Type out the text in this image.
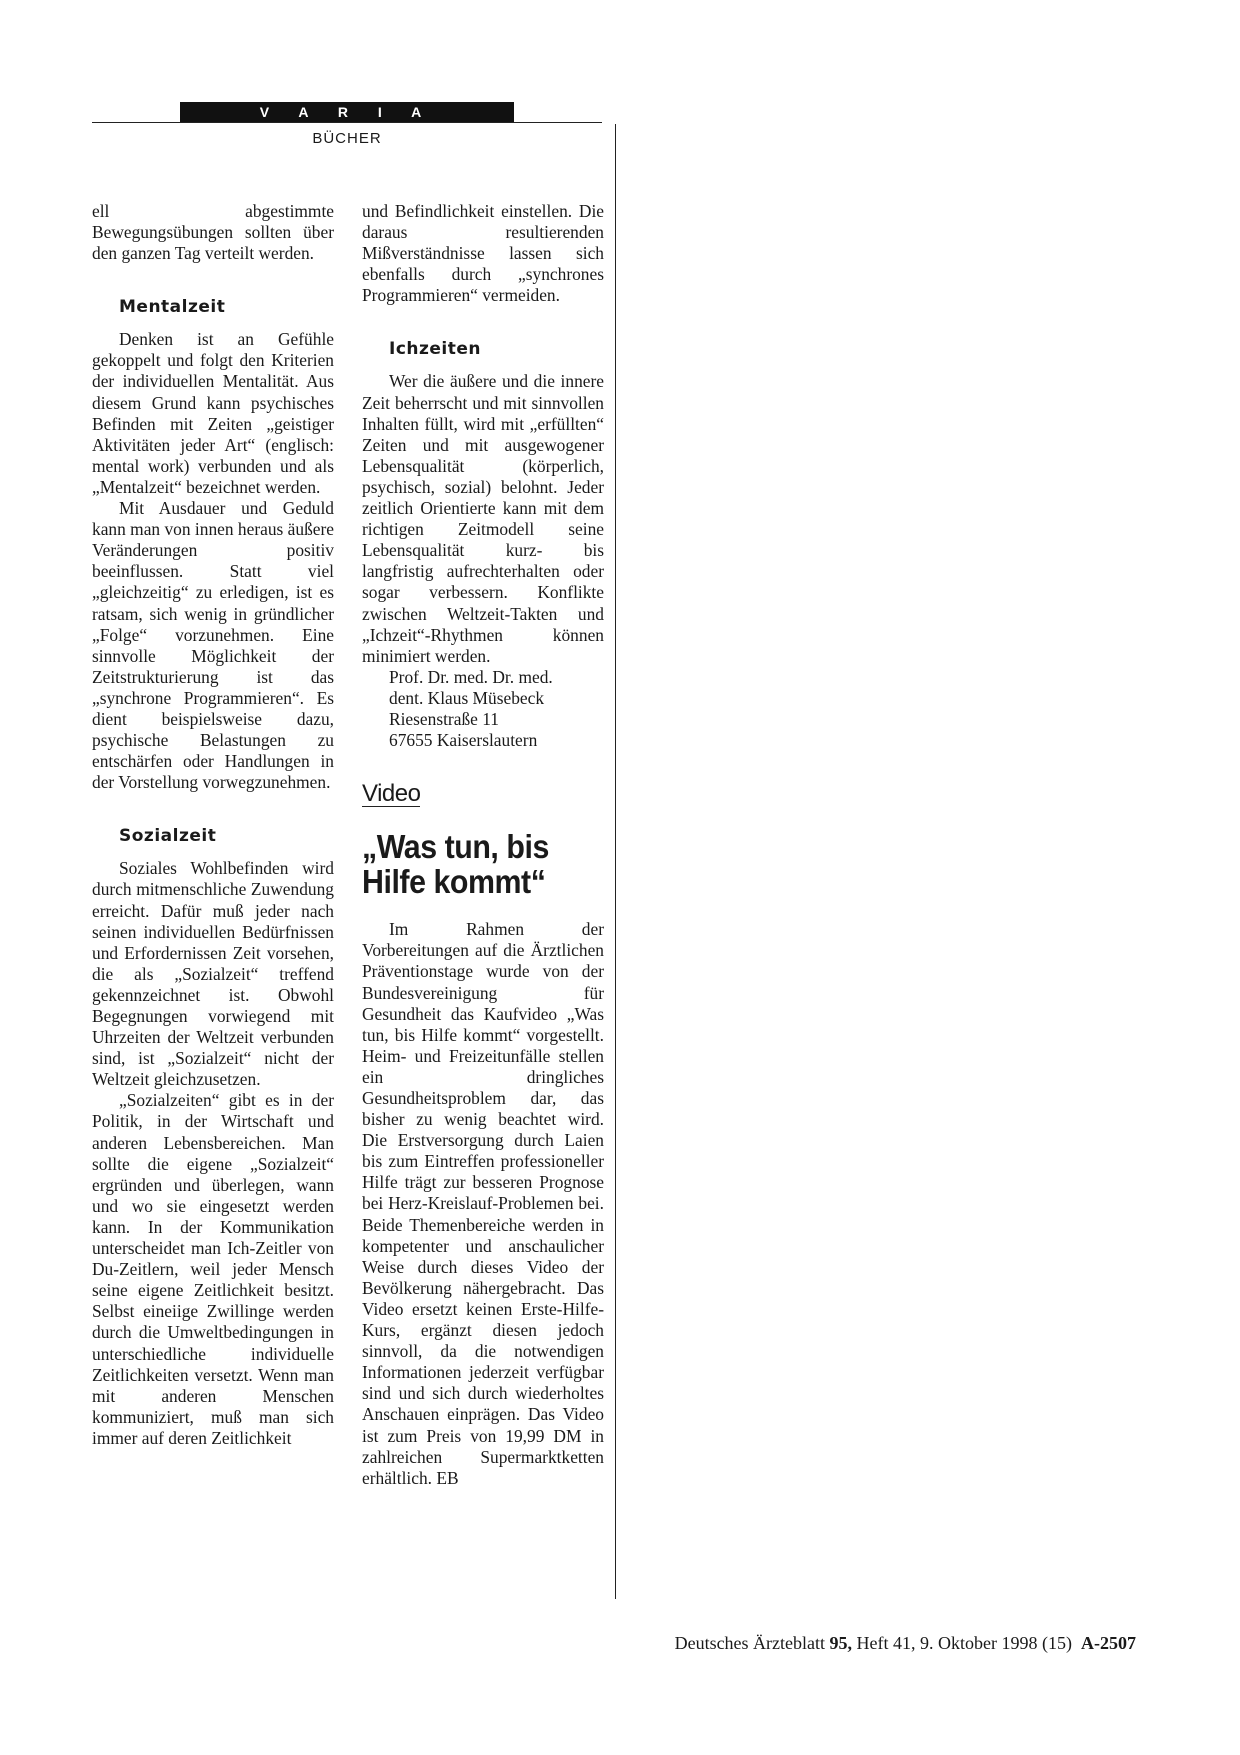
V A R I A
BÜCHER

ell abgestimmte Bewegungsübungen sollten über den ganzen Tag verteilt werden.

Mentalzeit

Denken ist an Gefühle gekoppelt und folgt den Kriterien der individuellen Mentalität. Aus diesem Grund kann psychisches Befinden mit Zeiten „geistiger Aktivitäten jeder Art“ (englisch: mental work) verbunden und als „Mentalzeit“ bezeichnet werden.

Mit Ausdauer und Geduld kann man von innen heraus äußere Veränderungen positiv beeinflussen. Statt viel „gleichzeitig“ zu erledigen, ist es ratsam, sich wenig in gründlicher „Folge“ vorzunehmen. Eine sinnvolle Möglichkeit der Zeitstrukturierung ist das „synchrone Programmieren“. Es dient beispielsweise dazu, psychische Belastungen zu entschärfen oder Handlungen in der Vorstellung vorwegzunehmen.

Sozialzeit

Soziales Wohlbefinden wird durch mitmenschliche Zuwendung erreicht. Dafür muß jeder nach seinen individuellen Bedürfnissen und Erfordernissen Zeit vorsehen, die als „Sozialzeit“ treffend gekennzeichnet ist. Obwohl Begegnungen vorwiegend mit Uhrzeiten der Weltzeit verbunden sind, ist „Sozialzeit“ nicht der Weltzeit gleichzusetzen.

„Sozialzeiten“ gibt es in der Politik, in der Wirtschaft und anderen Lebensbereichen. Man sollte die eigene „Sozialzeit“ ergründen und überlegen, wann und wo sie eingesetzt werden kann. In der Kommunikation unterscheidet man Ich-Zeitler von Du-Zeitlern, weil jeder Mensch seine eigene Zeitlichkeit besitzt. Selbst eineiige Zwillinge werden durch die Umweltbedingungen in unterschiedliche individuelle Zeitlichkeiten versetzt. Wenn man mit anderen Menschen kommuniziert, muß man sich immer auf deren Zeitlichkeit

und Befindlichkeit einstellen. Die daraus resultierenden Mißverständnisse lassen sich ebenfalls durch „synchrones Programmieren“ vermeiden.

Ichzeiten

Wer die äußere und die innere Zeit beherrscht und mit sinnvollen Inhalten füllt, wird mit „erfüllten“ Zeiten und mit ausgewogener Lebensqualität (körperlich, psychisch, sozial) belohnt. Jeder zeitlich Orientierte kann mit dem richtigen Zeitmodell seine Lebensqualität kurz- bis langfristig aufrechterhalten oder sogar verbessern. Konflikte zwischen Weltzeit-Takten und „Ichzeit“-Rhythmen können minimiert werden.

Prof. Dr. med. Dr. med.

dent. Klaus Müsebeck

Riesenstraße 11

67655 Kaiserslautern

Video
„Was tun, bis Hilfe kommt“

Im Rahmen der Vorbereitungen auf die Ärztlichen Präventionstage wurde von der Bundesvereinigung für Gesundheit das Kaufvideo „Was tun, bis Hilfe kommt“ vorgestellt. Heim- und Freizeitunfälle stellen ein dringliches Gesundheitsproblem dar, das bisher zu wenig beachtet wird. Die Erstversorgung durch Laien bis zum Eintreffen professioneller Hilfe trägt zur besseren Prognose bei Herz-Kreislauf-Problemen bei. Beide Themenbereiche werden in kompetenter und anschaulicher Weise durch dieses Video der Bevölkerung nähergebracht. Das Video ersetzt keinen Erste-Hilfe-Kurs, ergänzt diesen jedoch sinnvoll, da die notwendigen Informationen jederzeit verfügbar sind und sich durch wiederholtes Anschauen einprägen. Das Video ist zum Preis von 19,99 DM in zahlreichen Supermarktketten erhältlich. EB

Deutsches Ärzteblatt 95, Heft 41, 9. Oktober 1998 (15) A-2507
